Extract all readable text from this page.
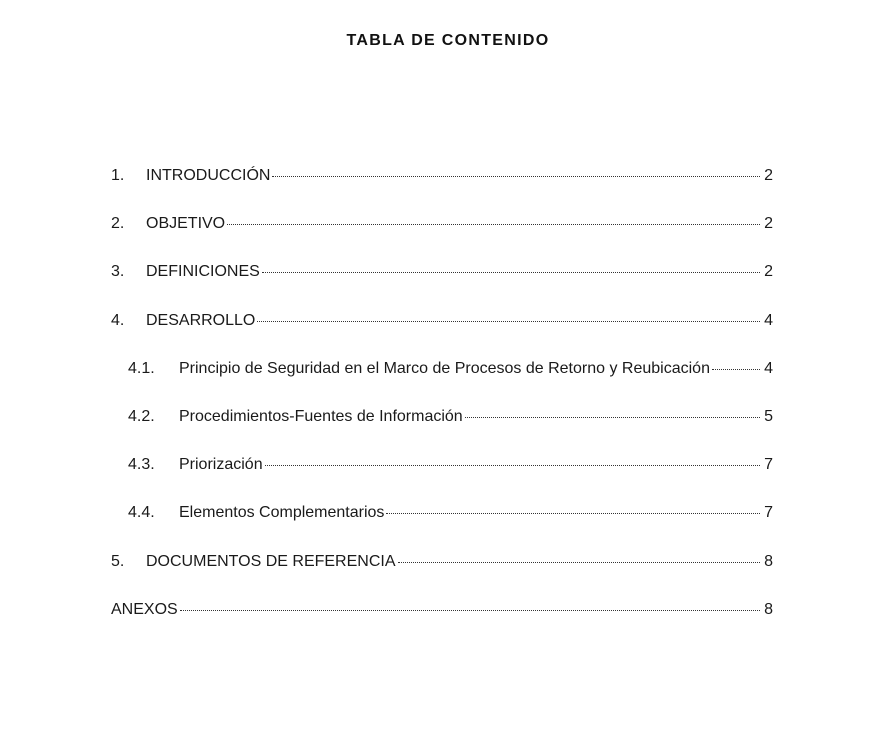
TABLA DE CONTENIDO
1.	INTRODUCCIÓN	2
2.	OBJETIVO	2
3.	DEFINICIONES	2
4.	DESARROLLO	4
4.1.	Principio de Seguridad en el Marco de Procesos de Retorno y Reubicación	4
4.2.	Procedimientos-Fuentes de Información	5
4.3.	Priorización	7
4.4.	Elementos Complementarios	7
5.	DOCUMENTOS DE REFERENCIA	8
ANEXOS	8
